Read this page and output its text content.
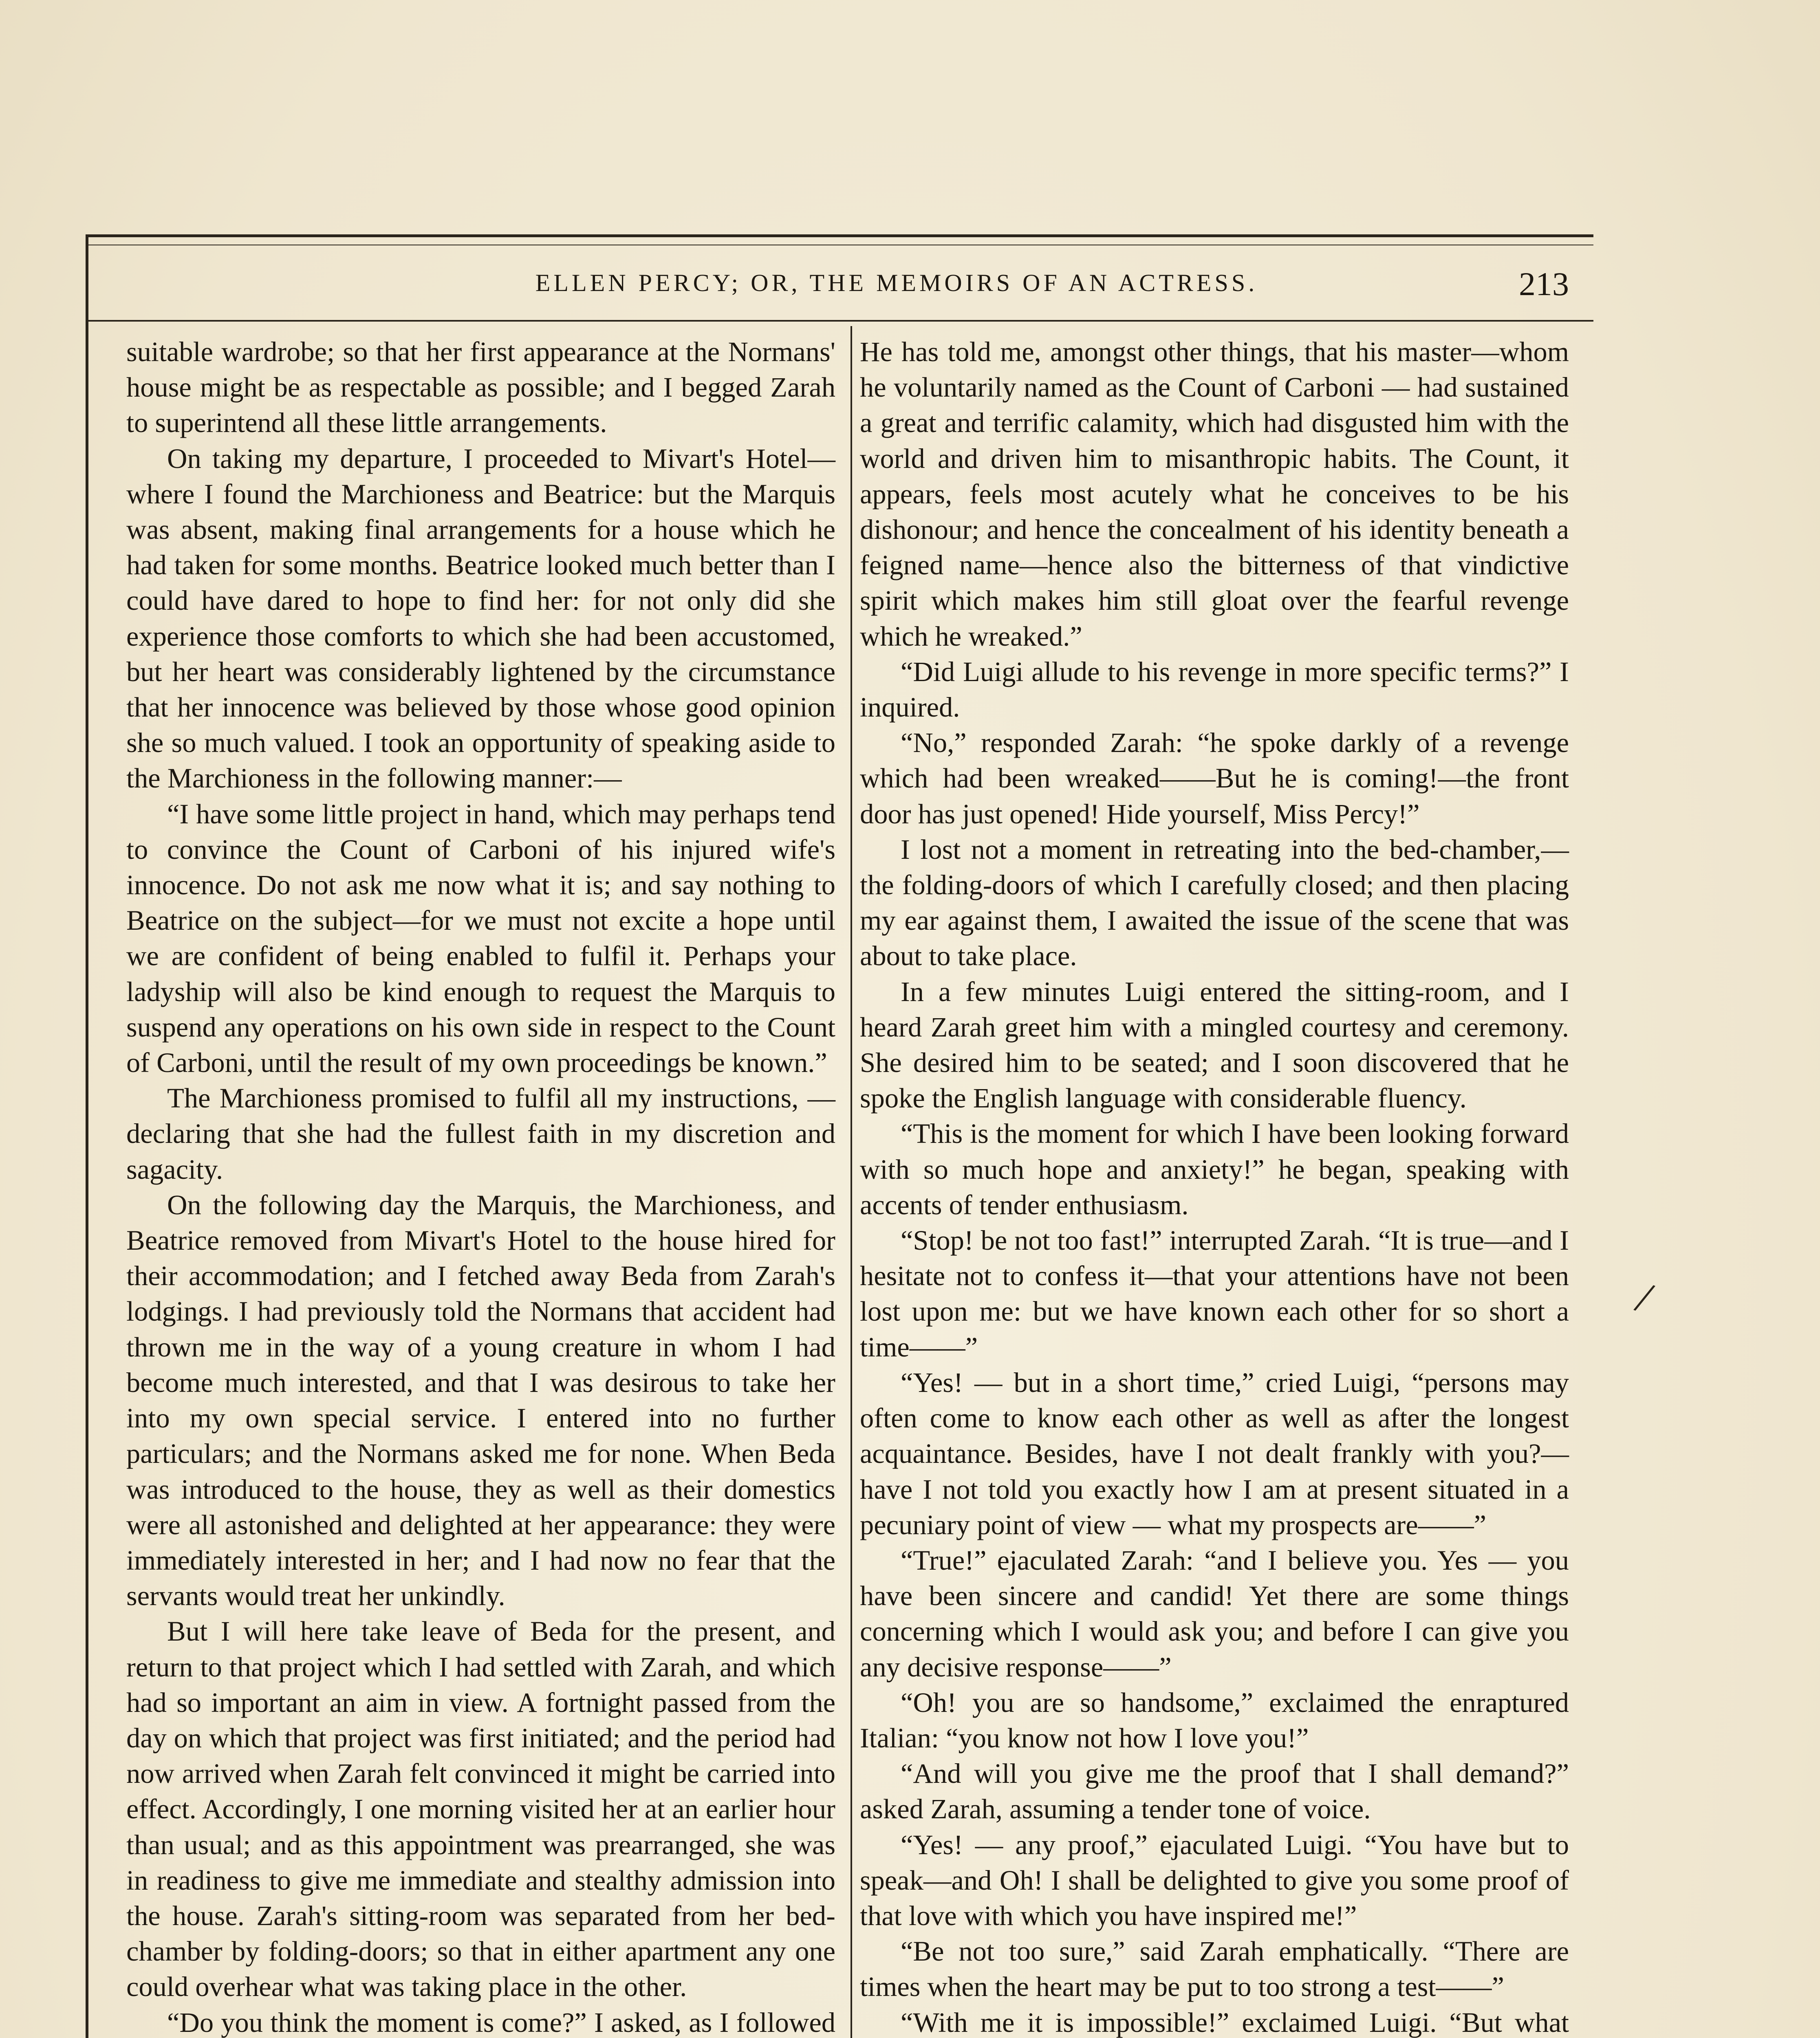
ELLEN PERCY; OR, THE MEMOIRS OF AN ACTRESS.	213

suitable wardrobe; so that her first appearance at the Normans' house might be as respectable as possible; and I begged Zarah to superintend all these little arrangements.

On taking my departure, I proceeded to Mivart's Hotel—where I found the Marchioness and Beatrice: but the Marquis was absent, making final arrangements for a house which he had taken for some months. Beatrice looked much better than I could have dared to hope to find her: for not only did she experience those comforts to which she had been accustomed, but her heart was considerably lightened by the circumstance that her innocence was believed by those whose good opinion she so much valued. I took an opportunity of speaking aside to the Marchioness in the following manner:—

“I have some little project in hand, which may perhaps tend to convince the Count of Carboni of his injured wife's innocence. Do not ask me now what it is; and say nothing to Beatrice on the subject—for we must not excite a hope until we are confident of being enabled to fulfil it. Perhaps your ladyship will also be kind enough to request the Marquis to suspend any operations on his own side in respect to the Count of Carboni, until the result of my own proceedings be known.”

The Marchioness promised to fulfil all my instructions, — declaring that she had the fullest faith in my discretion and sagacity.

On the following day the Marquis, the Marchioness, and Beatrice removed from Mivart's Hotel to the house hired for their accommodation; and I fetched away Beda from Zarah's lodgings. I had previously told the Normans that accident had thrown me in the way of a young creature in whom I had become much interested, and that I was desirous to take her into my own special service. I entered into no further particulars; and the Normans asked me for none. When Beda was introduced to the house, they as well as their domestics were all astonished and delighted at her appearance: they were immediately interested in her; and I had now no fear that the servants would treat her unkindly.

But I will here take leave of Beda for the present, and return to that project which I had settled with Zarah, and which had so important an aim in view. A fortnight passed from the day on which that project was first initiated; and the period had now arrived when Zarah felt convinced it might be carried into effect. Accordingly, I one morning visited her at an earlier hour than usual; and as this appointment was prearranged, she was in readiness to give me immediate and stealthy admission into the house. Zarah's sitting-room was separated from her bed-chamber by folding-doors; so that in either apartment any one could overhear what was taking place in the other.

“Do you think the moment is come?” I asked, as I followed

He has told me, amongst other things, that his master—whom he voluntarily named as the Count of Carboni — had sustained a great and terrific calamity, which had disgusted him with the world and driven him to misanthropic habits. The Count, it appears, feels most acutely what he conceives to be his dishonour; and hence the concealment of his identity beneath a feigned name—hence also the bitterness of that vindictive spirit which makes him still gloat over the fearful revenge which he wreaked.”

“Did Luigi allude to his revenge in more specific terms?” I inquired.

“No,” responded Zarah: “he spoke darkly of a revenge which had been wreaked——But he is coming!—the front door has just opened! Hide yourself, Miss Percy!”

I lost not a moment in retreating into the bed-chamber,—the folding-doors of which I carefully closed; and then placing my ear against them, I awaited the issue of the scene that was about to take place.

In a few minutes Luigi entered the sitting-room, and I heard Zarah greet him with a mingled courtesy and ceremony. She desired him to be seated; and I soon discovered that he spoke the English language with considerable fluency.

“This is the moment for which I have been looking forward with so much hope and anxiety!” he began, speaking with accents of tender enthusiasm.

“Stop! be not too fast!” interrupted Zarah. “It is true—and I hesitate not to confess it—that your attentions have not been lost upon me: but we have known each other for so short a time——”

“Yes! — but in a short time,” cried Luigi, “persons may often come to know each other as well as after the longest acquaintance. Besides, have I not dealt frankly with you?—have I not told you exactly how I am at present situated in a pecuniary point of view — what my prospects are——”

“True!” ejaculated Zarah: “and I believe you. Yes — you have been sincere and candid! Yet there are some things concerning which I would ask you; and before I can give you any decisive response——”

“Oh! you are so handsome,” exclaimed the enraptured Italian: “you know not how I love you!”

“And will you give me the proof that I shall demand?” asked Zarah, assuming a tender tone of voice.

“Yes! — any proof,” ejaculated Luigi. “You have but to speak—and Oh! I shall be delighted to give you some proof of that love with which you have inspired me!”

“Be not too sure,” said Zarah emphatically. “There are times when the heart may be put to too strong a test——”

“With me it is impossible!” exclaimed Luigi. “But what

/
